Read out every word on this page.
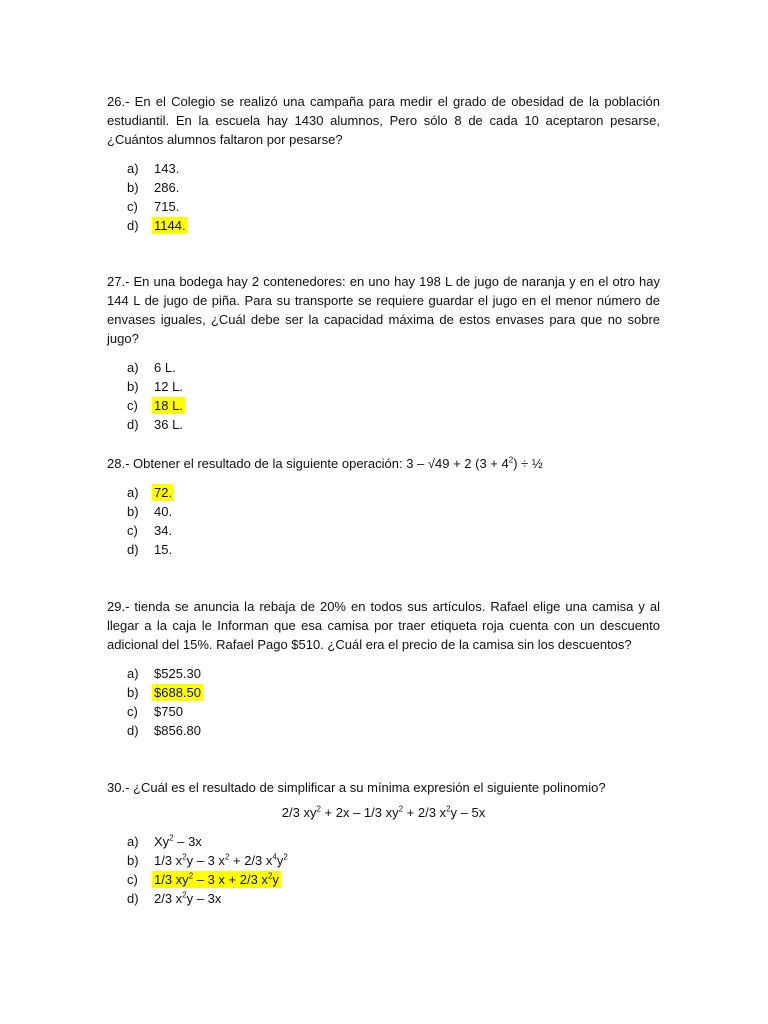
26.- En el Colegio se realizó una campaña para medir el grado de obesidad de la población estudiantil. En la escuela hay 1430 alumnos, Pero sólo 8 de cada 10 aceptaron pesarse, ¿Cuántos alumnos faltaron por pesarse?

a)	143.
b)	286.
c)	715.
d)	1144.

27.- En una bodega hay 2 contenedores: en uno hay 198 L de jugo de naranja y en el otro hay 144 L de jugo de piña. Para su transporte se requiere guardar el jugo en el menor número de envases iguales, ¿Cuál debe ser la capacidad máxima de estos envases para que no sobre jugo?

a)	6 L.
b)	12 L.
c)	18 L.
d)	36 L.

28.- Obtener el resultado de la siguiente operación: 3 – √49 + 2 $(3 + 4^2)$ ÷ ½

a)	72.
b)	40.
c)	34.
d)	15.

29.- tienda se anuncia la rebaja de 20% en todos sus artículos. Rafael elige una camisa y al llegar a la caja le Informan que esa camisa por traer etiqueta roja cuenta con un descuento adicional del 15%. Rafael Pago $510. ¿Cuál era el precio de la camisa sin los descuentos?

a)	$525.30
b)	$688.50
c)	$750
d)	$856.80

30.- ¿Cuál es el resultado de simplificar a su mínima expresión el siguiente polinomio?

2/3 $xy^2 + 2x - 1/3$ $xy^2 + 2/3$ $x^2y - 5x$

a)	Xy$^2$ – 3x
b)	1/3 $x^2y - 3$ $x^2 + 2/3$ $x^4y^2$
c)	1/3 $xy^2 - 3$ x + 2/3 $x^2y$
d)	2/3 $x^2y - 3x$
